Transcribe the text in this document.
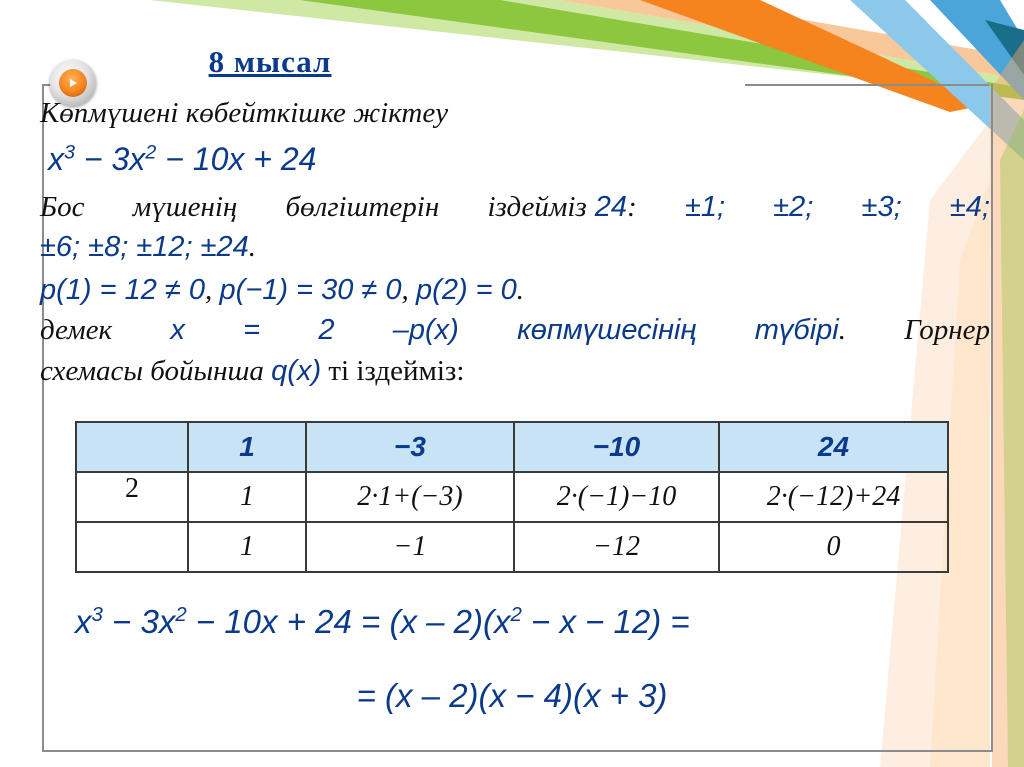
8 мысал
Көпмүшені көбейткішке жіктеу
$x^3 - 3x^2 - 10x + 24$
Бос мүшенің бөлгіштерін іздейміз 24: ±1; ±2; ±3; ±4;
±6; ±8; ±12; ±24.
p(1) = 12 ≠ 0, p(−1) = 30 ≠ 0, p(2) = 0.
демек x = 2 –p(x) көпмүшесінің түбірі. Горнер
схемасы бойынша q(x) ті іздейміз:
	1	−3	−10	24
2	1	2·1+(−3)	2·(−1)−10	2·(−12)+24
	1	−1	−12	0
$x^3 - 3x^2 - 10x + 24 = (x - 2)(x^2 - x - 12)$ =
= (x – 2)(x − 4)(x + 3)
